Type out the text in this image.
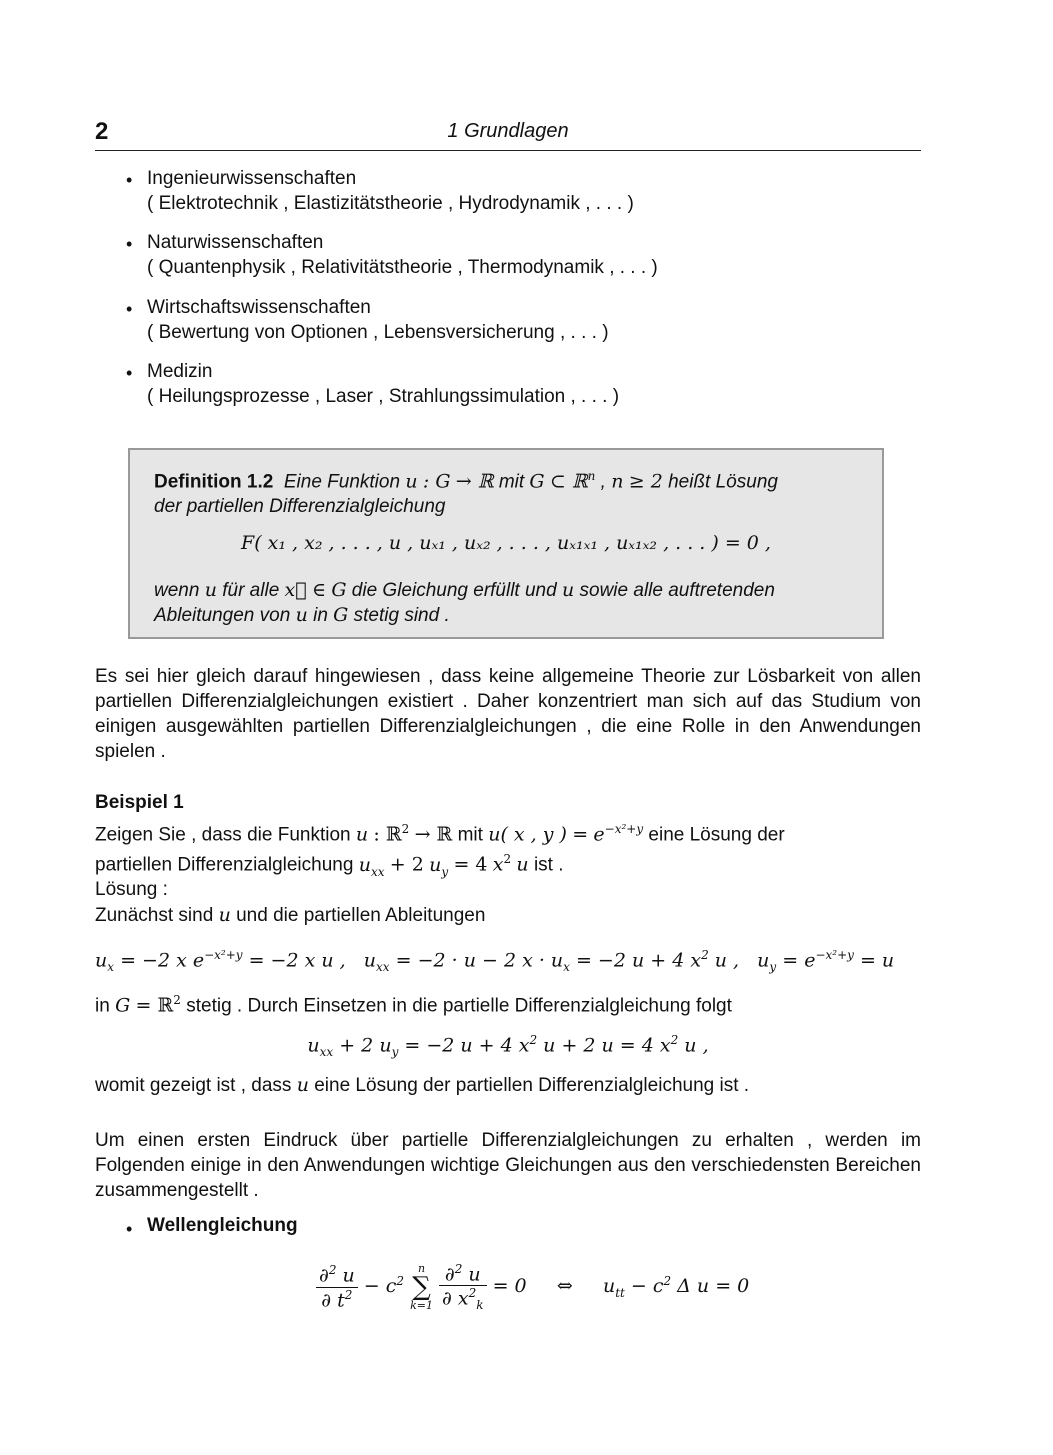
2	1 Grundlagen
• Ingenieurwissenschaften
( Elektrotechnik , Elastizitätstheorie , Hydrodynamik , . . . )
• Naturwissenschaften
( Quantenphysik , Relativitätstheorie , Thermodynamik , . . . )
• Wirtschaftswissenschaften
( Bewertung von Optionen , Lebensversicherung , . . . )
• Medizin
( Heilungsprozesse , Laser , Strahlungssimulation , . . . )
Definition 1.2 Eine Funktion u : G → ℝ mit G ⊂ ℝ$^n$ , n ≥ 2 heißt Lösung
der partiellen Differenzialgleichung
F( x₁ , x₂ , . . . , u , uₓ₁ , uₓ₂ , . . . , uₓ₁ₓ₁ , uₓ₁ₓ₂ , . . . ) = 0 ,
wenn u für alle x⃗ ∈ G die Gleichung erfüllt und u sowie alle auftretenden
Ableitungen von u in G stetig sind .
Es sei hier gleich darauf hingewiesen , dass keine allgemeine Theorie zur Lösbarkeit von allen partiellen Differenzialgleichungen existiert . Daher konzentriert man sich auf das Studium von einigen ausgewählten partiellen Differenzialgleichungen , die eine Rolle in den Anwendungen spielen .
Beispiel 1
Zeigen Sie , dass die Funktion u : ℝ$^2$ → ℝ mit u( x , y ) = $e^{-x^2+y}$ eine Lösung der
partiellen Differenzialgleichung $u_{xx} + 2$ $u_y = 4$ $x^2$ u ist .
Lösung :
Zunächst sind u und die partiellen Ableitungen
$u_x = -2$ x $e^{-x^2+y} = -2$ x u ,   $u_{xx} = -2 \cdot u - 2$ $x \cdot u_x = -2$ u + 4 $x^2$ u ,   $u_y = e^{-x^2+y} = u$
in G = ℝ$^2$ stetig . Durch Einsetzen in die partielle Differenzialgleichung folgt
$u_{xx} + 2$ $u_y = -2$ u + 4 $x^2$ u + 2 u = 4 $x^2$ u ,
womit gezeigt ist , dass u eine Lösung der partiellen Differenzialgleichung ist .
Um einen ersten Eindruck über partielle Differenzialgleichungen zu erhalten , werden im Folgenden einige in den Anwendungen wichtige Gleichungen aus den verschiedensten Bereichen zusammengestellt .
• Wellengleichung
$\frac{\partial^2 u}{\partial t^2} - c^2$
n
∑
k=1
$\frac{\partial^2 u}{\partial x^2_k} = 0$     ⇔     $u_{tt} - c^2$ Δ u = 0
